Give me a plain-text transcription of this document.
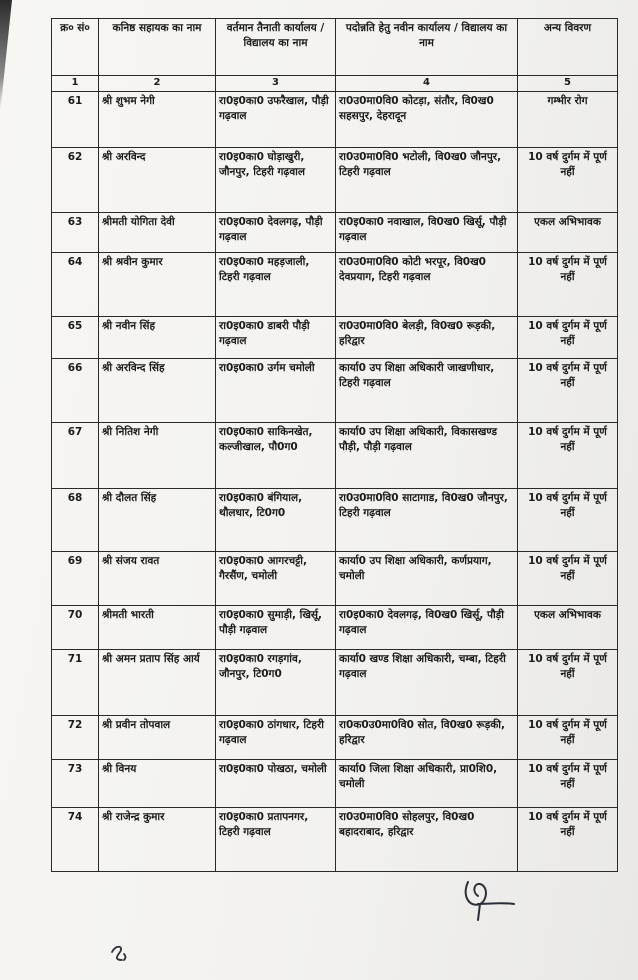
क्र० सं०	कनिष्ठ सहायक का नाम	वर्तमान तैनाती कार्यालय / विद्यालय का नाम	पदोन्नति हेतु नवीन कार्यालय / विद्यालय का नाम	अन्य विवरण
1	2	3	4	5
61	श्री शुभम नेगी	रा0इ0का0 उफरैखाल, पौड़ी गढ़वाल	रा0उ0मा0वि0 कोटड़ा, संतौर, वि0ख0 सहसपुर, देहरादून	गम्भीर रोग
62	श्री अरविन्द	रा0इ0का0 घोड़ाखुरी, जौनपुर, टिहरी गढ़वाल	रा0उ0मा0वि0 भटोली, वि0ख0 जौनपुर, टिहरी गढ़वाल	10 वर्ष दुर्गम में पूर्ण नहीं
63	श्रीमती योगिता देवी	रा0इ0का0 देवलगढ़, पौड़ी गढ़वाल	रा0इ0का0 नवाखाल, वि0ख0 खिर्सू, पौड़ी गढ़वाल	एकल अभिभावक
64	श्री श्रवीन कुमार	रा0इ0का0 महड़जाली, टिहरी गढ़वाल	रा0उ0मा0वि0 कोटी भरपूर, वि0ख0 देवप्रयाग, टिहरी गढ़वाल	10 वर्ष दुर्गम में पूर्ण नहीं
65	श्री नवीन सिंह	रा0इ0का0 डाबरी पौड़ी गढ़वाल	रा0उ0मा0वि0 बेलड़ी, वि0ख0 रूड़की, हरिद्वार	10 वर्ष दुर्गम में पूर्ण नहीं
66	श्री अरविन्द सिंह	रा0इ0का0 उर्गम चमोली	कार्या0 उप शिक्षा अधिकारी जाखणीधार, टिहरी गढ़वाल	10 वर्ष दुर्गम में पूर्ण नहीं
67	श्री नितिश नेगी	रा0इ0का0 साकिनखेत, कल्जीखाल, पौ0ग0	कार्या0 उप शिक्षा अधिकारी, विकासखण्ड पौड़ी, पौड़ी गढ़वाल	10 वर्ष दुर्गम में पूर्ण नहीं
68	श्री दौलत सिंह	रा0इ0का0 बंगियाल, थौलधार, टि0ग0	रा0उ0मा0वि0 साटागाड, वि0ख0 जौनपुर, टिहरी गढ़वाल	10 वर्ष दुर्गम में पूर्ण नहीं
69	श्री संजय रावत	रा0इ0का0 आगरचट्टी, गैरसैंण, चमोली	कार्या0 उप शिक्षा अधिकारी, कर्णप्रयाग, चमोली	10 वर्ष दुर्गम में पूर्ण नहीं
70	श्रीमती भारती	रा0इ0का0 सुमाड़ी, खिर्सू, पौड़ी गढ़वाल	रा0इ0का0 देवलगढ़, वि0ख0 खिर्सू, पौड़ी गढ़वाल	एकल अभिभावक
71	श्री अमन प्रताप सिंह आर्य	रा0इ0का0 रगड़गांव, जौनपुर, टि0ग0	कार्या0 खण्ड शिक्षा अधिकारी, चम्बा, टिहरी गढ़वाल	10 वर्ष दुर्गम में पूर्ण नहीं
72	श्री प्रवीन तोपवाल	रा0इ0का0 ठांगधार, टिहरी गढ़वाल	रा0क0उ0मा0वि0 सोत, वि0ख0 रूड़की, हरिद्वार	10 वर्ष दुर्गम में पूर्ण नहीं
73	श्री विनय	रा0इ0का0 पोखठा, चमोली	कार्या0 जिला शिक्षा अधिकारी, प्रा0शि0, चमोली	10 वर्ष दुर्गम में पूर्ण नहीं
74	श्री राजेन्द्र कुमार	रा0इ0का0 प्रतापनगर, टिहरी गढ़वाल	रा0उ0मा0वि0 सोहलपुर, वि0ख0 बहादराबाद, हरिद्वार	10 वर्ष दुर्गम में पूर्ण नहीं
